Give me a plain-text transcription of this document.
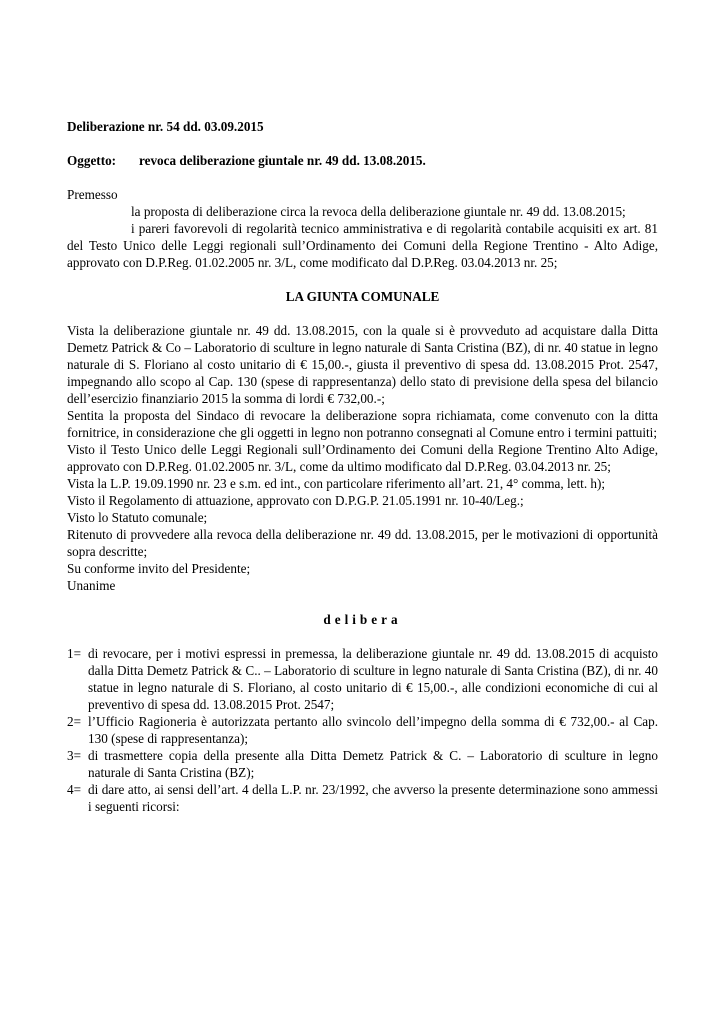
Deliberazione nr. 54 dd. 03.09.2015

Oggetto: revoca deliberazione giuntale nr. 49 dd. 13.08.2015.

Premesso

la proposta di deliberazione circa la revoca della deliberazione giuntale nr. 49 dd. 13.08.2015;

i pareri favorevoli di regolarità tecnico amministrativa e di regolarità contabile acquisiti ex art. 81 del Testo Unico delle Leggi regionali sull’Ordinamento dei Comuni della Regione Trentino - Alto Adige, approvato con D.P.Reg. 01.02.2005 nr. 3/L, come modificato dal D.P.Reg. 03.04.2013 nr. 25;

LA GIUNTA COMUNALE

Vista la deliberazione giuntale nr. 49 dd. 13.08.2015, con la quale si è provveduto ad acquistare dalla Ditta Demetz Patrick & Co – Laboratorio di sculture in legno naturale di Santa Cristina (BZ), di nr. 40 statue in legno naturale di S. Floriano al costo unitario di € 15,00.-, giusta il preventivo di spesa dd. 13.08.2015 Prot. 2547, impegnando allo scopo al Cap. 130 (spese di rappresentanza) dello stato di previsione della spesa del bilancio dell’esercizio finanziario 2015 la somma di lordi € 732,00.-;

Sentita la proposta del Sindaco di revocare la deliberazione sopra richiamata, come convenuto con la ditta fornitrice, in considerazione che gli oggetti in legno non potranno consegnati al Comune entro i termini pattuiti;

Visto il Testo Unico delle Leggi Regionali sull’Ordinamento dei Comuni della Regione Trentino Alto Adige, approvato con D.P.Reg. 01.02.2005 nr. 3/L, come da ultimo modificato dal D.P.Reg. 03.04.2013 nr. 25;

Vista la L.P. 19.09.1990 nr. 23 e s.m. ed int., con particolare riferimento all’art. 21, 4° comma, lett. h);

Visto il Regolamento di attuazione, approvato con D.P.G.P. 21.05.1991 nr. 10-40/Leg.;

Visto lo Statuto comunale;

Ritenuto di provvedere alla revoca della deliberazione nr. 49 dd. 13.08.2015, per le motivazioni di opportunità sopra descritte;

Su conforme invito del Presidente;

Unanime

delibera
1= di revocare, per i motivi espressi in premessa, la deliberazione giuntale nr. 49 dd. 13.08.2015 di acquisto dalla Ditta Demetz Patrick & C.. – Laboratorio di sculture in legno naturale di Santa Cristina (BZ), di nr. 40 statue in legno naturale di S. Floriano, al costo unitario di € 15,00.-, alle condizioni economiche di cui al preventivo di spesa dd. 13.08.2015 Prot. 2547;
2= l’Ufficio Ragioneria è autorizzata pertanto allo svincolo dell’impegno della somma di € 732,00.- al Cap. 130 (spese di rappresentanza);
3= di trasmettere copia della presente alla Ditta Demetz Patrick & C. – Laboratorio di sculture in legno naturale di Santa Cristina (BZ);
4= di dare atto, ai sensi dell’art. 4 della L.P. nr. 23/1992, che avverso la presente determinazione sono ammessi i seguenti ricorsi:
